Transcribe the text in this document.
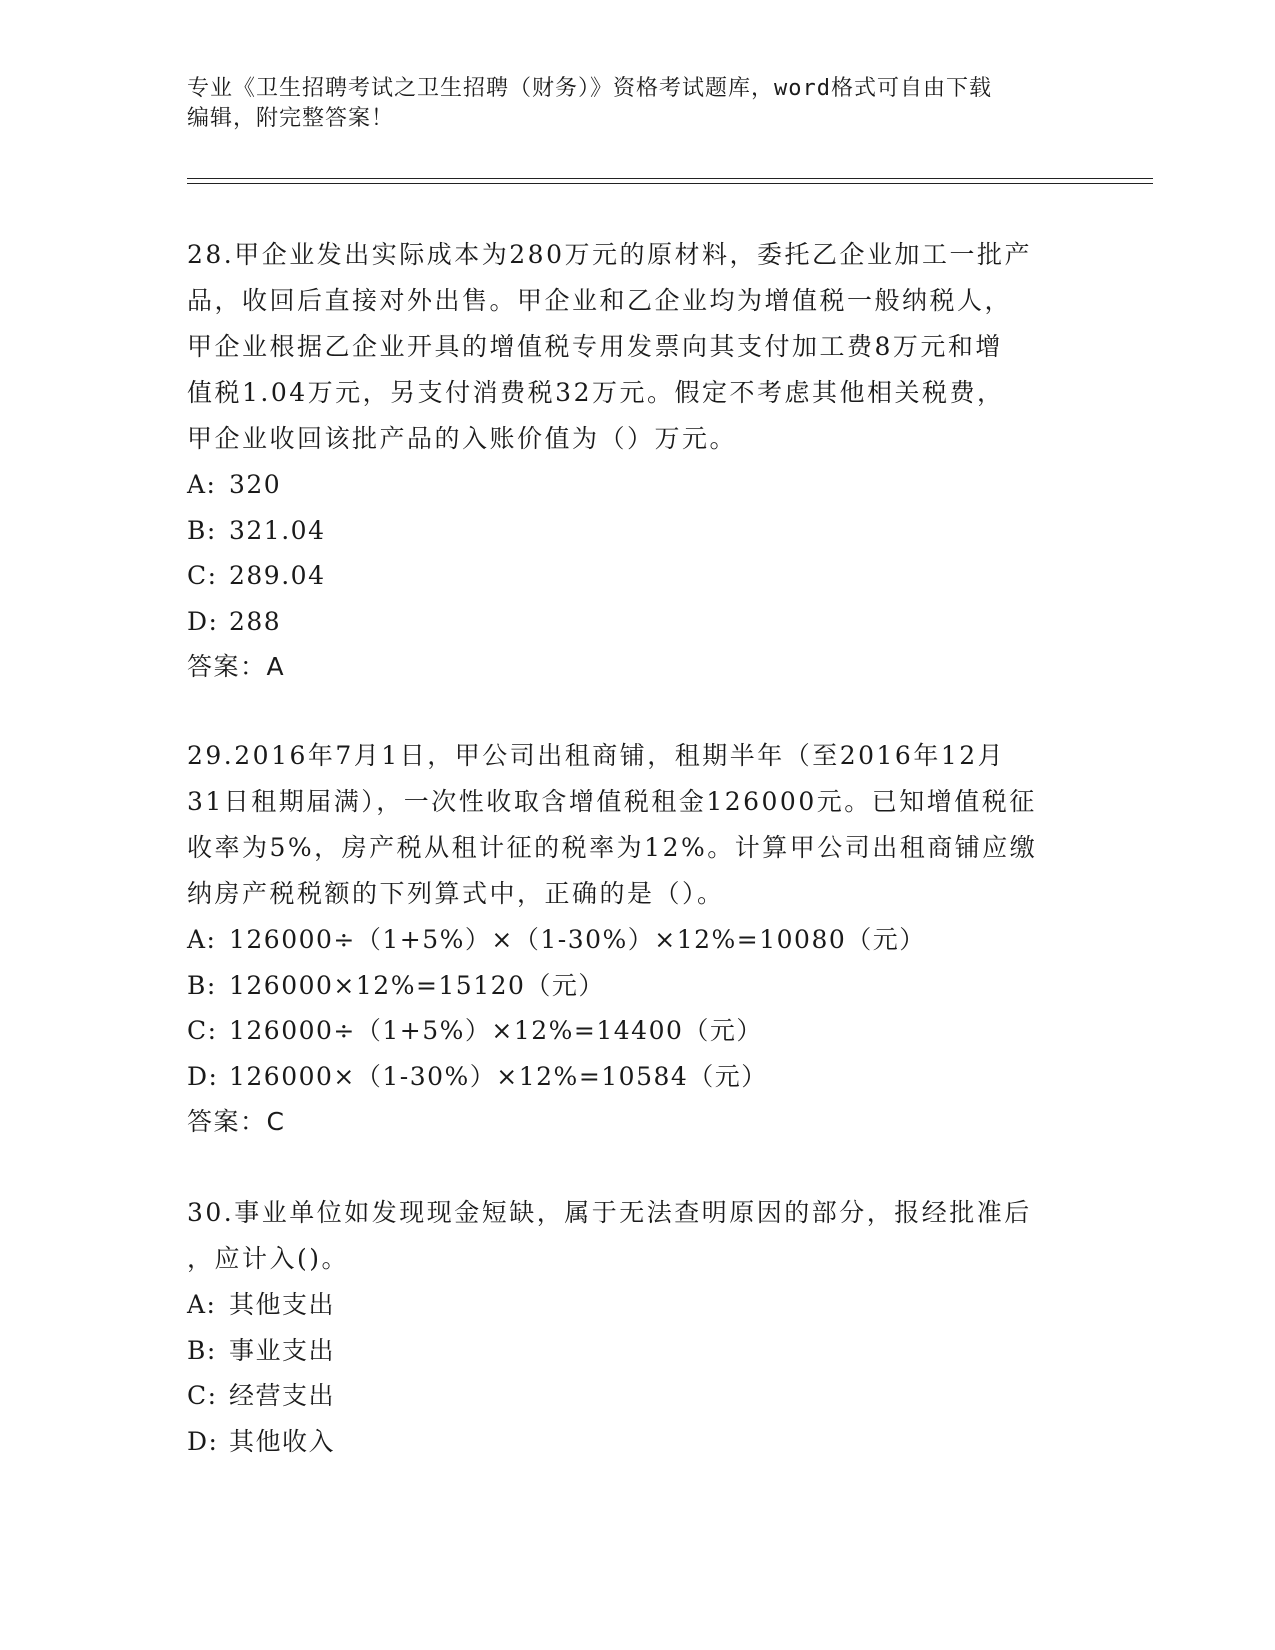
专业《卫生招聘考试之卫生招聘（财务）》资格考试题库，word格式可自由下载
编辑，附完整答案！
28.甲企业发出实际成本为280万元的原材料，委托乙企业加工一批产
品，收回后直接对外出售。甲企业和乙企业均为增值税一般纳税人，
甲企业根据乙企业开具的增值税专用发票向其支付加工费8万元和增
值税1.04万元，另支付消费税32万元。假定不考虑其他相关税费，
甲企业收回该批产品的入账价值为（）万元。
A: 320
B: 321.04
C: 289.04
D: 288
答案：A
29.2016年7月1日，甲公司出租商铺，租期半年（至2016年12月
31日租期届满），一次性收取含增值税租金126000元。已知增值税征
收率为5%，房产税从租计征的税率为12%。计算甲公司出租商铺应缴
纳房产税税额的下列算式中，正确的是（）。
A: 126000÷（1+5%）×（1-30%）×12%=10080（元）
B: 126000×12%=15120（元）
C: 126000÷（1+5%）×12%=14400（元）
D: 126000×（1-30%）×12%=10584（元）
答案：C
30.事业单位如发现现金短缺，属于无法查明原因的部分，报经批准后
，应计入()。
A: 其他支出
B: 事业支出
C: 经营支出
D: 其他收入
